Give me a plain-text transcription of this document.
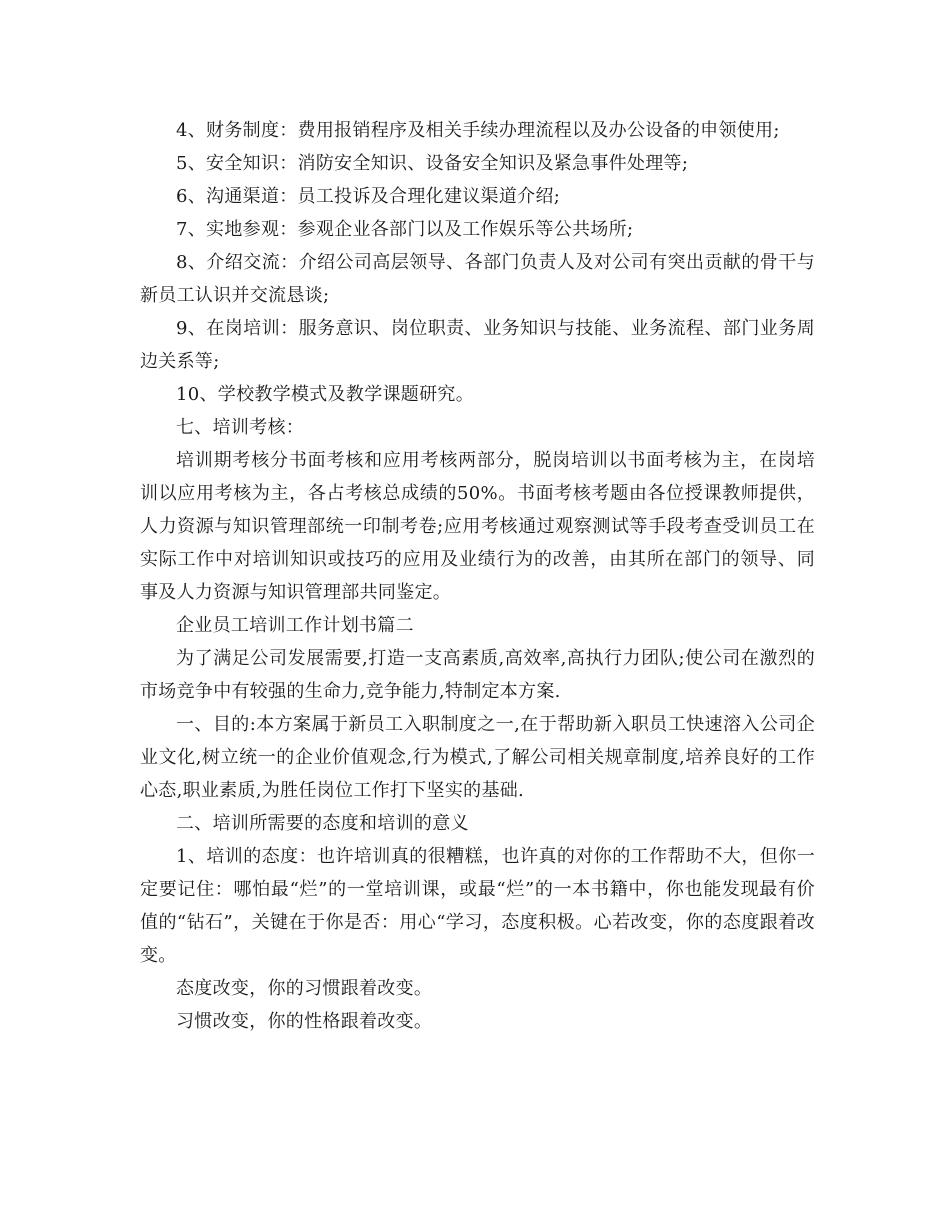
4、财务制度：费用报销程序及相关手续办理流程以及办公设备的申领使用;

5、安全知识：消防安全知识、设备安全知识及紧急事件处理等;

6、沟通渠道：员工投诉及合理化建议渠道介绍;

7、实地参观：参观企业各部门以及工作娱乐等公共场所;

8、介绍交流：介绍公司高层领导、各部门负责人及对公司有突出贡献的骨干与新员工认识并交流恳谈;

9、在岗培训：服务意识、岗位职责、业务知识与技能、业务流程、部门业务周边关系等;

10、学校教学模式及教学课题研究。

七、培训考核：

培训期考核分书面考核和应用考核两部分，脱岗培训以书面考核为主，在岗培训以应用考核为主，各占考核总成绩的50%。书面考核考题由各位授课教师提供，人力资源与知识管理部统一印制考卷;应用考核通过观察测试等手段考查受训员工在实际工作中对培训知识或技巧的应用及业绩行为的改善，由其所在部门的领导、同事及人力资源与知识管理部共同鉴定。

企业员工培训工作计划书篇二

为了满足公司发展需要,打造一支高素质,高效率,高执行力团队;使公司在激烈的市场竞争中有较强的生命力,竞争能力,特制定本方案.

一、目的:本方案属于新员工入职制度之一,在于帮助新入职员工快速溶入公司企业文化,树立统一的企业价值观念,行为模式,了解公司相关规章制度,培养良好的工作心态,职业素质,为胜任岗位工作打下坚实的基础.

二、培训所需要的态度和培训的意义

1、培训的态度：也许培训真的很糟糕，也许真的对你的工作帮助不大，但你一定要记住：哪怕最“烂”的一堂培训课，或最“烂”的一本书籍中，你也能发现最有价值的“钻石”，关键在于你是否：用心“学习，态度积极。心若改变，你的态度跟着改变。

态度改变，你的习惯跟着改变。

习惯改变，你的性格跟着改变。
